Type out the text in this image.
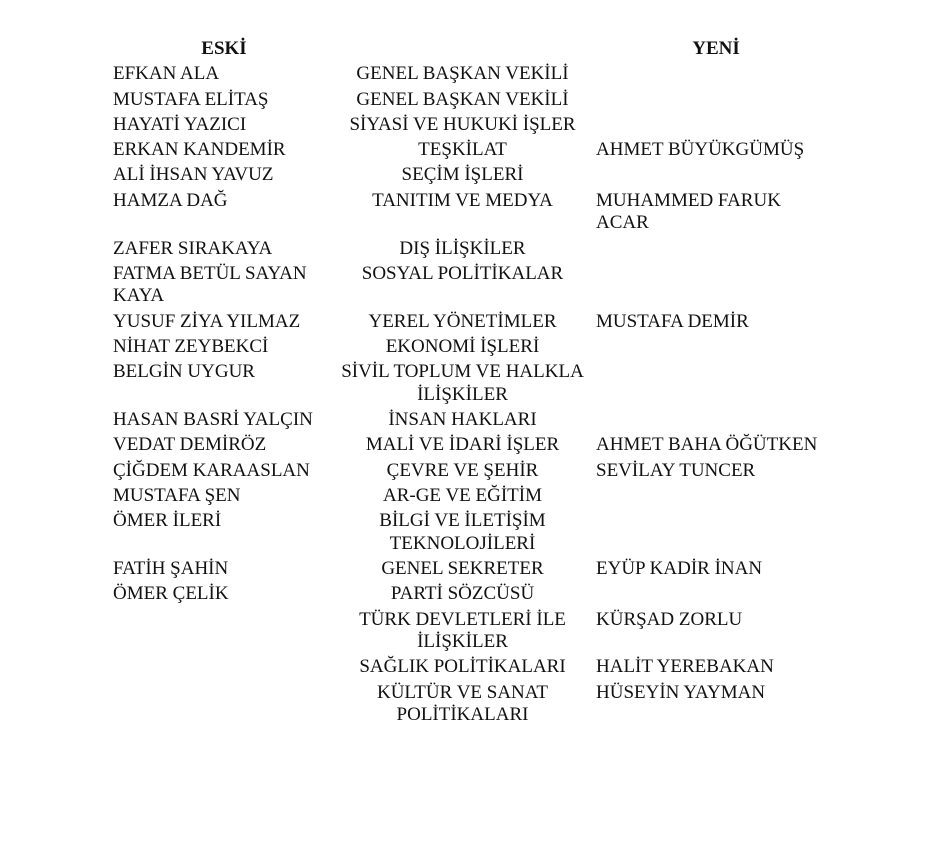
ESKİ		YENİ
EFKAN ALA	GENEL BAŞKAN VEKİLİ	
MUSTAFA ELİTAŞ	GENEL BAŞKAN VEKİLİ	
HAYATİ YAZICI	SİYASİ VE HUKUKİ İŞLER	
ERKAN KANDEMİR	TEŞKİLAT	AHMET BÜYÜKGÜMÜŞ
ALİ İHSAN YAVUZ	SEÇİM İŞLERİ	
HAMZA DAĞ	TANITIM VE MEDYA	MUHAMMED FARUK ACAR
ZAFER SIRAKAYA	DIŞ İLİŞKİLER	
FATMA BETÜL SAYAN KAYA	SOSYAL POLİTİKALAR	
YUSUF ZİYA YILMAZ	YEREL YÖNETİMLER	MUSTAFA DEMİR
NİHAT ZEYBEKCİ	EKONOMİ İŞLERİ	
BELGİN UYGUR	SİVİL TOPLUM VE HALKLA İLİŞKİLER	
HASAN BASRİ YALÇIN	İNSAN HAKLARI	
VEDAT DEMİRÖZ	MALİ VE İDARİ İŞLER	AHMET BAHA ÖĞÜTKEN
ÇİĞDEM KARAASLAN	ÇEVRE VE ŞEHİR	SEVİLAY TUNCER
MUSTAFA ŞEN	AR-GE VE EĞİTİM	
ÖMER İLERİ	BİLGİ VE İLETİŞİM TEKNOLOJİLERİ	
FATİH ŞAHİN	GENEL SEKRETER	EYÜP KADİR İNAN
ÖMER ÇELİK	PARTİ SÖZCÜSÜ	
	TÜRK DEVLETLERİ İLE İLİŞKİLER	KÜRŞAD ZORLU
	SAĞLIK POLİTİKALARI	HALİT YEREBAKAN
	KÜLTÜR VE SANAT POLİTİKALARI	HÜSEYİN YAYMAN
